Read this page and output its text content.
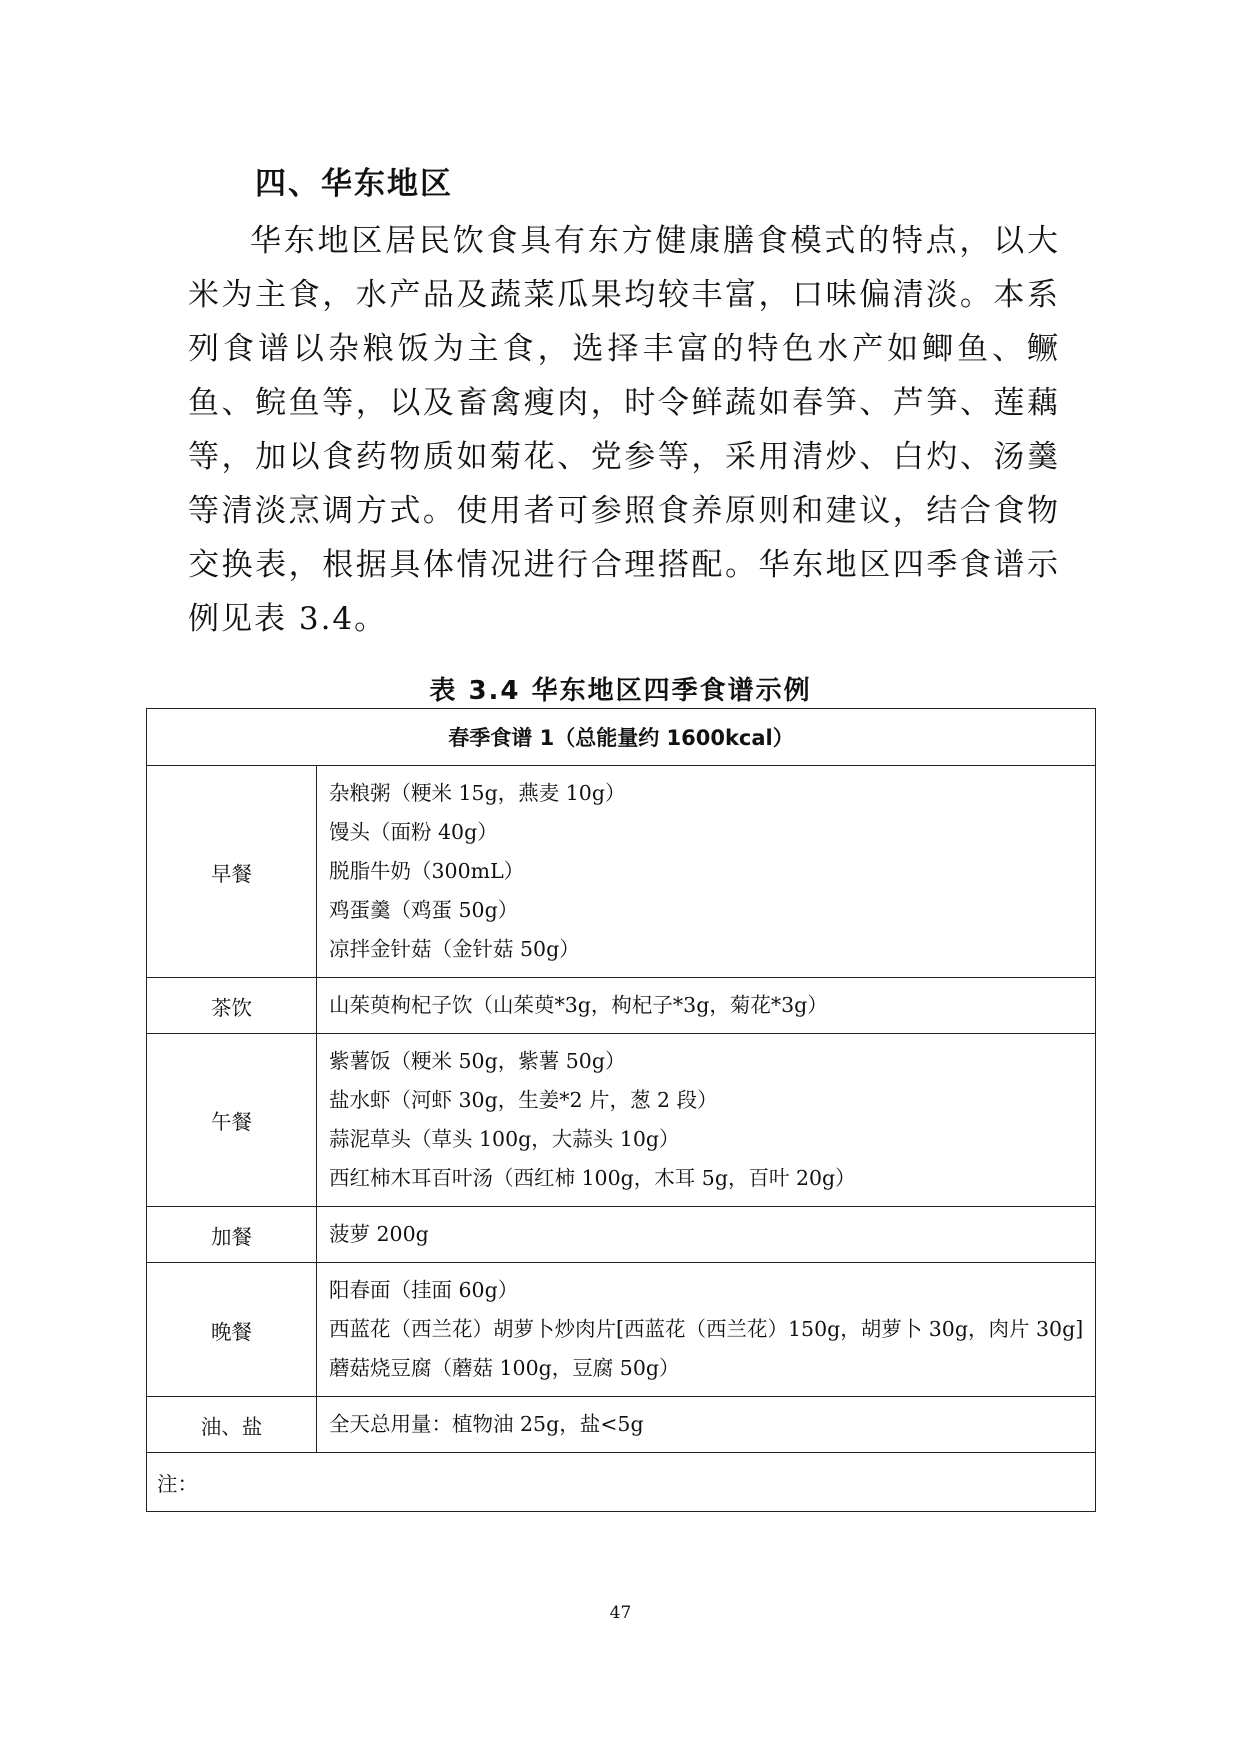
四、华东地区

华东地区居民饮食具有东方健康膳食模式的特点，以大米为主食，水产品及蔬菜瓜果均较丰富，口味偏清淡。本系列食谱以杂粮饭为主食，选择丰富的特色水产如鲫鱼、鳜鱼、鲩鱼等，以及畜禽瘦肉，时令鲜蔬如春笋、芦笋、莲藕等，加以食药物质如菊花、党参等，采用清炒、白灼、汤羹等清淡烹调方式。使用者可参照食养原则和建议，结合食物交换表，根据具体情况进行合理搭配。华东地区四季食谱示例见表 3.4。

表 3.4 华东地区四季食谱示例
春季食谱 1（总能量约 1600kcal）	
早餐	杂粮粥（粳米 15g，燕麦 10g）
馒头（面粉 40g）
脱脂牛奶（300mL）
鸡蛋羹（鸡蛋 50g）
凉拌金针菇（金针菇 50g）

茶饮	山茱萸枸杞子饮（山茱萸*3g，枸杞子*3g，菊花*3g）

午餐	紫薯饭（粳米 50g，紫薯 50g）
盐水虾（河虾 30g，生姜*2 片，葱 2 段）
蒜泥草头（草头 100g，大蒜头 10g）
西红柿木耳百叶汤（西红柿 100g，木耳 5g，百叶 20g）

加餐	菠萝 200g

晚餐	阳春面（挂面 60g）
西蓝花（西兰花）胡萝卜炒肉片[西蓝花（西兰花）150g，胡萝卜 30g，肉片 30g]
蘑菇烧豆腐（蘑菇 100g，豆腐 50g）

油、盐	全天总用量：植物油 25g，盐<5g

注：	
47
